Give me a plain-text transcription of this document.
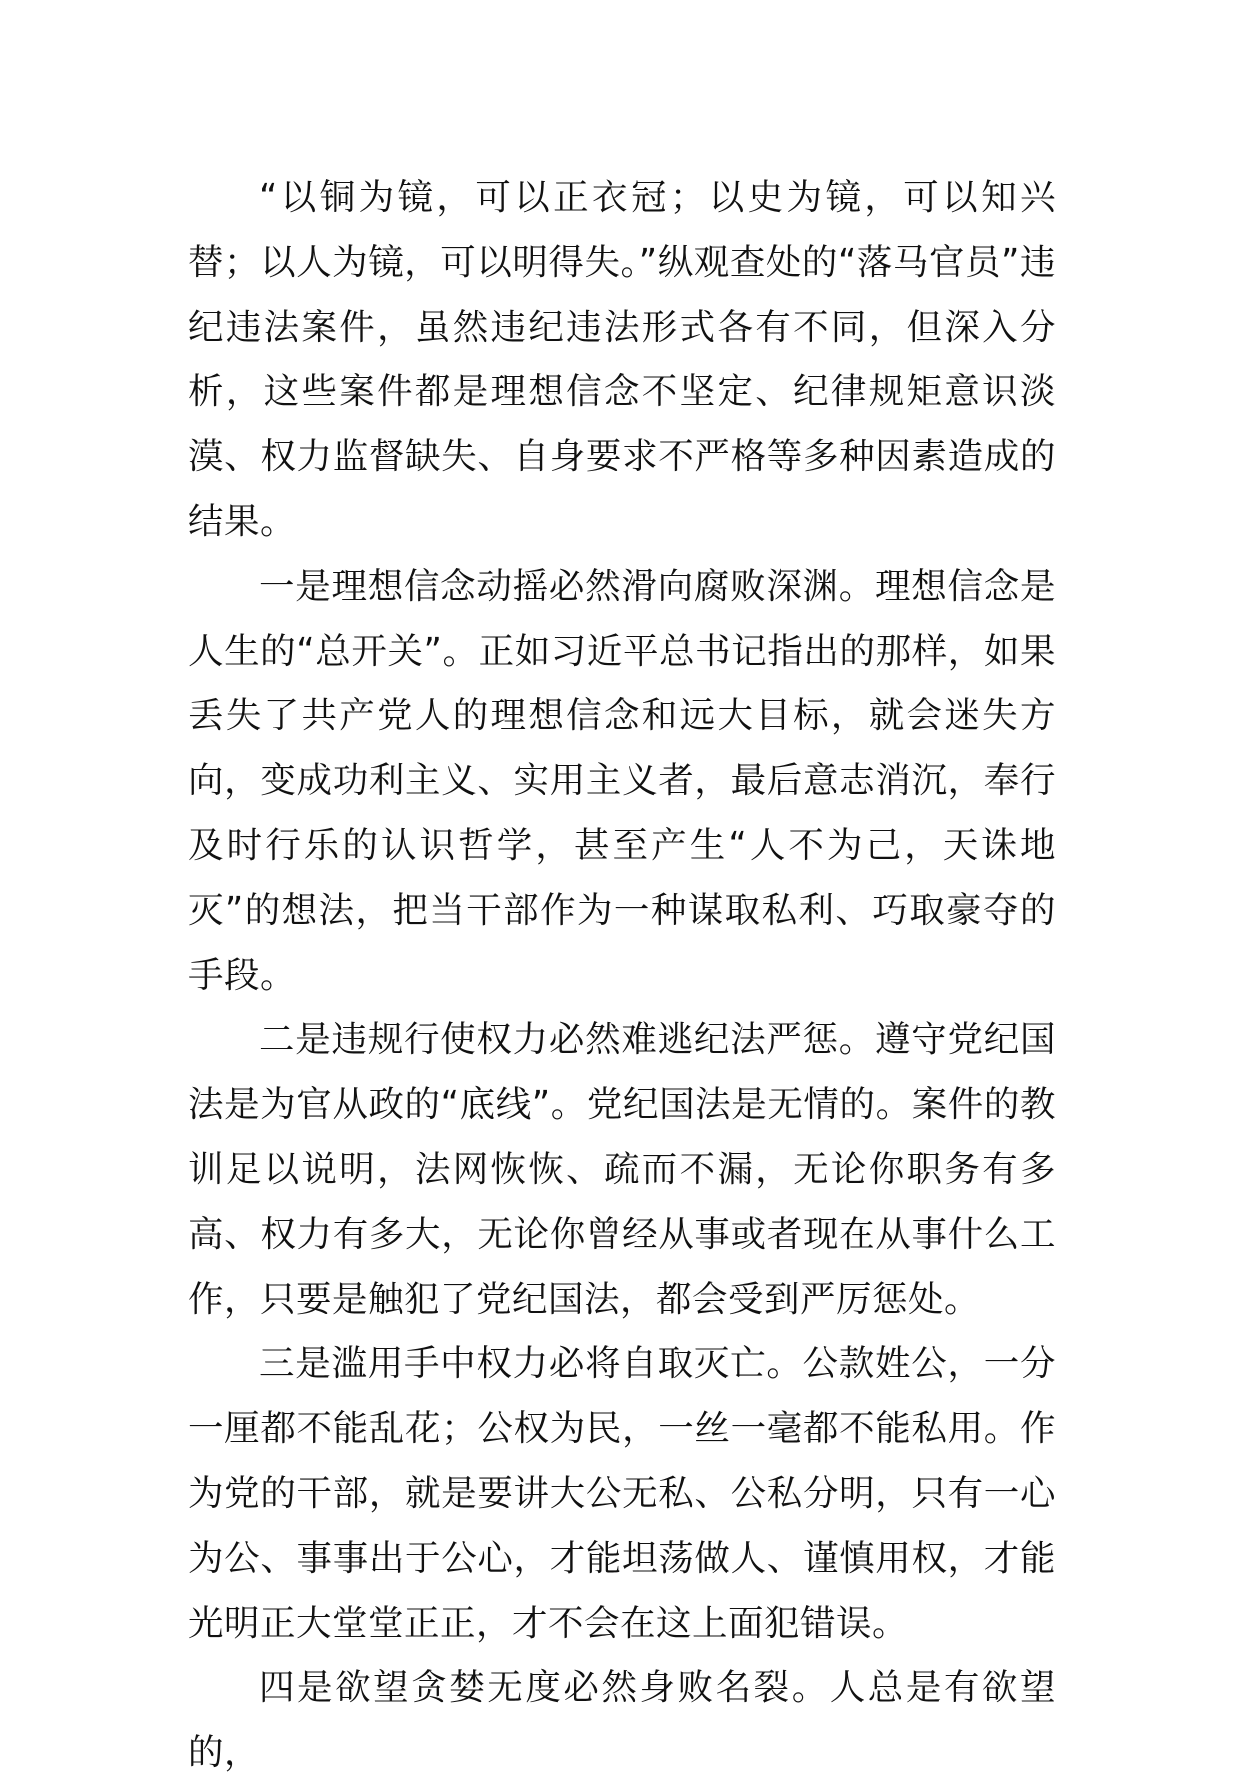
“以铜为镜，可以正衣冠；以史为镜，可以知兴替；以人为镜，可以明得失。”纵观查处的“落马官员”违纪违法案件，虽然违纪违法形式各有不同，但深入分析，这些案件都是理想信念不坚定、纪律规矩意识淡漠、权力监督缺失、自身要求不严格等多种因素造成的结果。

一是理想信念动摇必然滑向腐败深渊。理想信念是人生的“总开关”。正如习近平总书记指出的那样，如果丢失了共产党人的理想信念和远大目标，就会迷失方向，变成功利主义、实用主义者，最后意志消沉，奉行及时行乐的认识哲学，甚至产生“人不为己，天诛地灭”的想法，把当干部作为一种谋取私利、巧取豪夺的手段。

二是违规行使权力必然难逃纪法严惩。遵守党纪国法是为官从政的“底线”。党纪国法是无情的。案件的教训足以说明，法网恢恢、疏而不漏，无论你职务有多高、权力有多大，无论你曾经从事或者现在从事什么工作，只要是触犯了党纪国法，都会受到严厉惩处。

三是滥用手中权力必将自取灭亡。公款姓公，一分一厘都不能乱花；公权为民，一丝一毫都不能私用。作为党的干部，就是要讲大公无私、公私分明，只有一心为公、事事出于公心，才能坦荡做人、谨慎用权，才能光明正大堂堂正正，才不会在这上面犯错误。

四是欲望贪婪无度必然身败名裂。人总是有欲望的，
